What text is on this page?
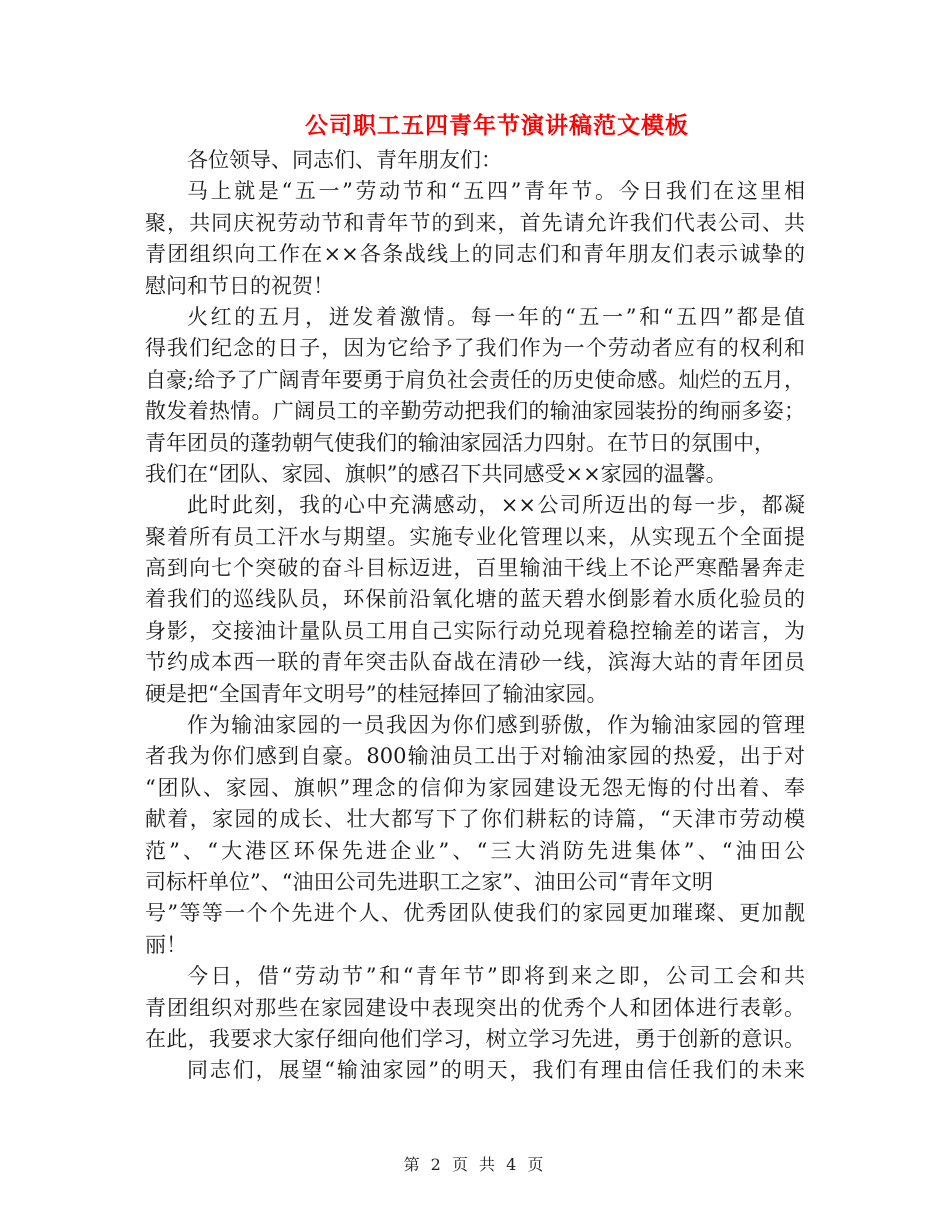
公司职工五四青年节演讲稿范文模板
各位领导、同志们、青年朋友们：
马上就是“五一”劳动节和“五四”青年节。今日我们在这里相
聚，共同庆祝劳动节和青年节的到来，首先请允许我们代表公司、共
青团组织向工作在××各条战线上的同志们和青年朋友们表示诚挚的
慰问和节日的祝贺！
火红的五月，迸发着激情。每一年的“五一”和“五四”都是值
得我们纪念的日子，因为它给予了我们作为一个劳动者应有的权利和
自豪;给予了广阔青年要勇于肩负社会责任的历史使命感。灿烂的五月，
散发着热情。广阔员工的辛勤劳动把我们的输油家园装扮的绚丽多姿；
青年团员的蓬勃朝气使我们的输油家园活力四射。在节日的氛围中，
我们在“团队、家园、旗帜”的感召下共同感受××家园的温馨。
此时此刻，我的心中充满感动，××公司所迈出的每一步，都凝
聚着所有员工汗水与期望。实施专业化管理以来，从实现五个全面提
高到向七个突破的奋斗目标迈进，百里输油干线上不论严寒酷暑奔走
着我们的巡线队员，环保前沿氧化塘的蓝天碧水倒影着水质化验员的
身影，交接油计量队员工用自己实际行动兑现着稳控输差的诺言，为
节约成本西一联的青年突击队奋战在清砂一线，滨海大站的青年团员
硬是把“全国青年文明号”的桂冠捧回了输油家园。
作为输油家园的一员我因为你们感到骄傲，作为输油家园的管理
者我为你们感到自豪。800输油员工出于对输油家园的热爱，出于对
“团队、家园、旗帜”理念的信仰为家园建设无怨无悔的付出着、奉
献着，家园的成长、壮大都写下了你们耕耘的诗篇，“天津市劳动模
范”、“大港区环保先进企业”、“三大消防先进集体”、“油田公
司标杆单位”、“油田公司先进职工之家”、油田公司“青年文明
号”等等一个个先进个人、优秀团队使我们的家园更加璀璨、更加靓
丽！
今日，借“劳动节”和“青年节”即将到来之即，公司工会和共
青团组织对那些在家园建设中表现突出的优秀个人和团体进行表彰。
在此，我要求大家仔细向他们学习，树立学习先进，勇于创新的意识。
同志们，展望“输油家园”的明天，我们有理由信任我们的未来
第 2 页 共 4 页
